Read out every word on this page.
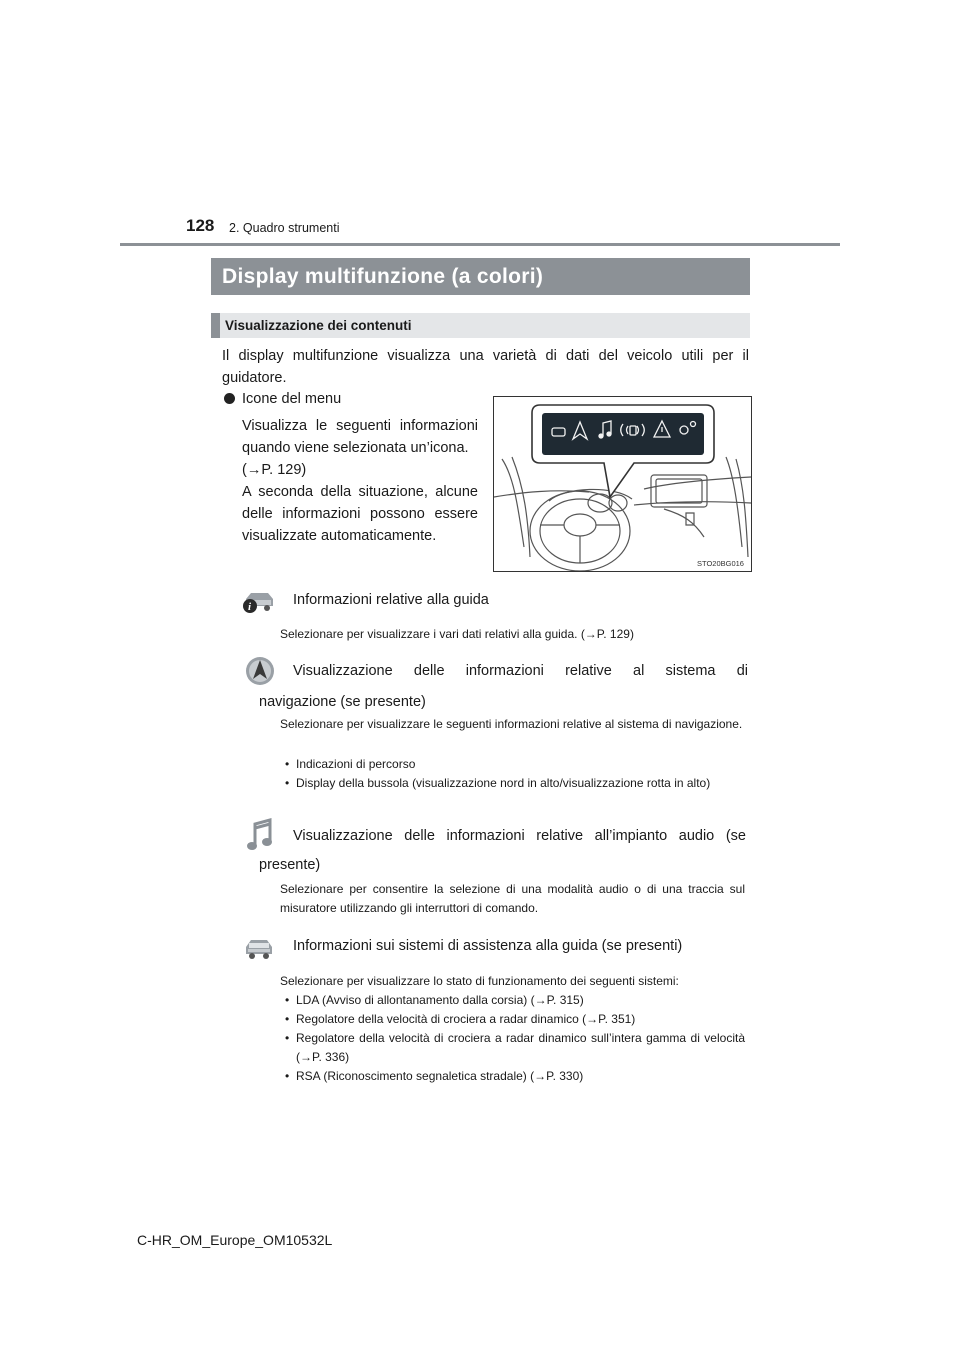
128 2. Quadro strumenti
Display multifunzione (a colori)
Visualizzazione dei contenuti
Il display multifunzione visualizza una varietà di dati del veicolo utili per il guidatore.
Icone del menu
Visualizza le seguenti informazioni quando viene selezionata un’icona.
(→P. 129)
A seconda della situazione, alcune delle informazioni possono essere visualizzate automaticamente.
STO20BG016
i	Informazioni relative alla guida
Selezionare per visualizzare i vari dati relativi alla guida. (→P. 129)
Visualizzazione delle informazioni relative al sistema di
navigazione (se presente)
Selezionare per visualizzare le seguenti informazioni relative al sistema di navigazione.
• Indicazioni di percorso
• Display della bussola (visualizzazione nord in alto/visualizzazione rotta in alto)
Visualizzazione delle informazioni relative all’impianto audio (se
presente)
Selezionare per consentire la selezione di una modalità audio o di una traccia sul misuratore utilizzando gli interruttori di comando.
Informazioni sui sistemi di assistenza alla guida (se presenti)
Selezionare per visualizzare lo stato di funzionamento dei seguenti sistemi:
• LDA (Avviso di allontanamento dalla corsia) (→P. 315)
• Regolatore della velocità di crociera a radar dinamico (→P. 351)
• Regolatore della velocità di crociera a radar dinamico sull’intera gamma di velocità (→P. 336)
• RSA (Riconoscimento segnaletica stradale) (→P. 330)
C-HR_OM_Europe_OM10532L
